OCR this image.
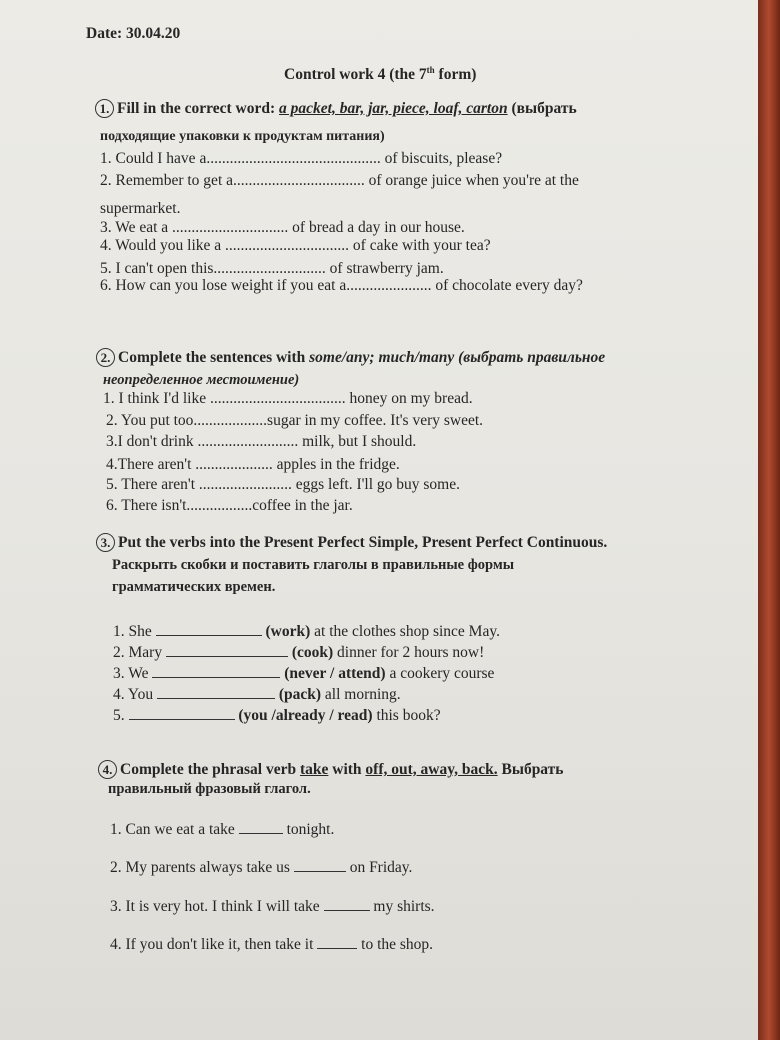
Date: 30.04.20
Control work 4 (the 7th form)
1. Fill in the correct word: a packet, bar, jar, piece, loaf, carton (выбрать
подходящие упаковки к продуктам питания)
1. Could I have a............................................. of biscuits, please?
2. Remember to get a.................................. of orange juice when you're at the
supermarket.
3. We eat a .............................. of bread a day in our house.
4. Would you like a ................................ of cake with your tea?
5. I can't open this............................. of strawberry jam.
6. How can you lose weight if you eat a...................... of chocolate every day?
2. Complete the sentences with some/any; much/many (выбрать правильное
неопределенное местоимение)
1. I think I'd like ................................... honey on my bread.
2. You put too...................sugar in my coffee. It's very sweet.
3.I don't drink .......................... milk, but I should.
4.There aren't .................... apples in the fridge.
5. There aren't ........................ eggs left. I'll go buy some.
6. There isn't.................coffee in the jar.
3. Put the verbs into the Present Perfect Simple, Present Perfect Continuous.
Раскрыть скобки и поставить глаголы в правильные формы
грамматических времен.
1. She	(work) at the clothes shop since May.
2. Mary	(cook) dinner for 2 hours now!
3. We	(never / attend) a cookery course
4. You	(pack) all morning.
5.	(you /already / read) this book?
4. Complete the phrasal verb take with off, out, away, back. Выбрать
правильный фразовый глагол.
1. Can we eat a take	tonight.
2. My parents always take us	on Friday.
3. It is very hot. I think I will take	my shirts.
4. If you don't like it, then take it	to the shop.
